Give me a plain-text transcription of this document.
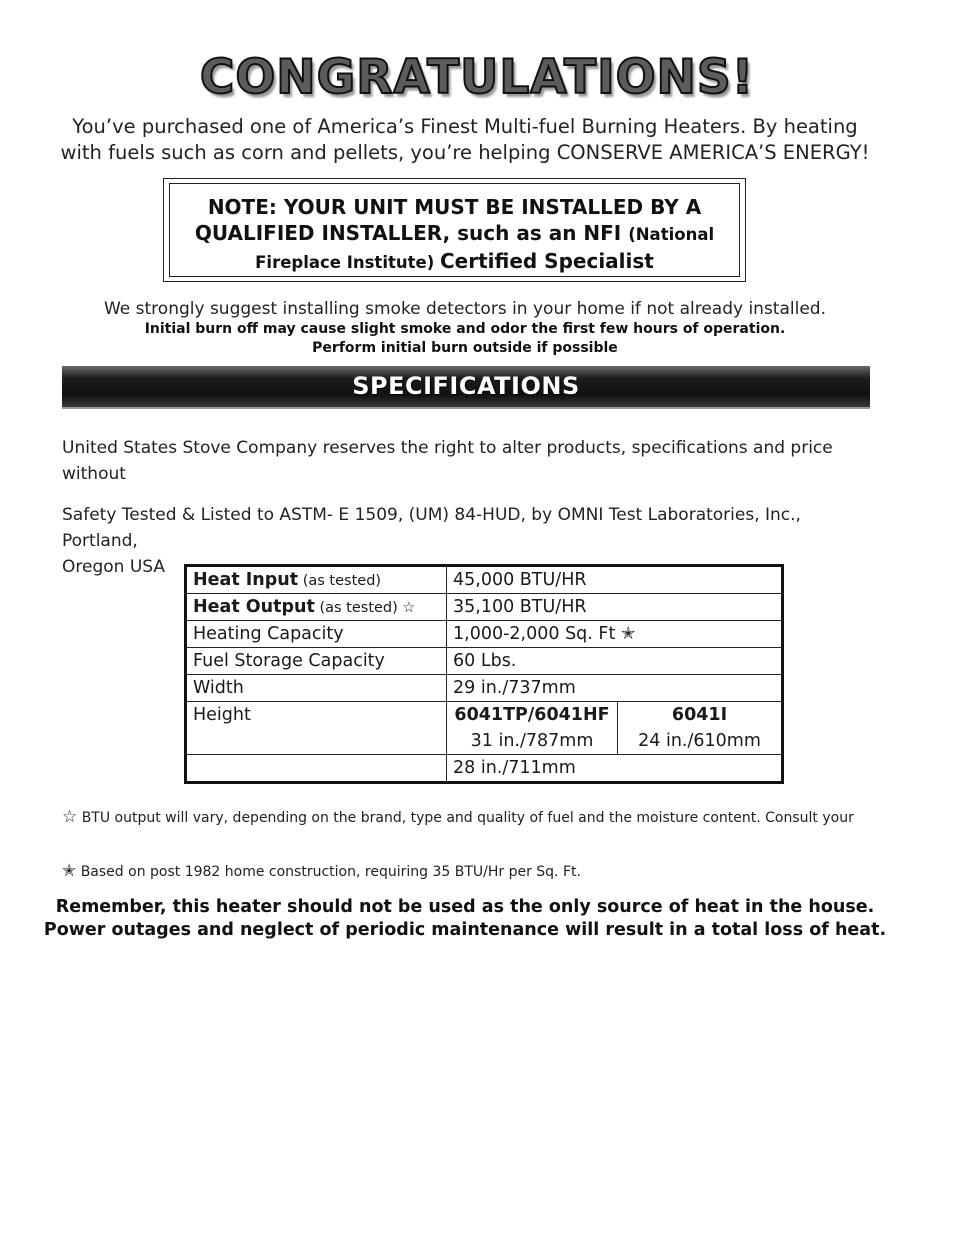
CONGRATULATIONS!
You’ve purchased one of America’s Finest Multi-fuel Burning Heaters. By heating
with fuels such as corn and pellets, you’re helping CONSERVE AMERICA’S ENERGY!
NOTE: YOUR UNIT MUST BE INSTALLED BY A
QUALIFIED INSTALLER, such as an NFI (National
Fireplace Institute) Certified Specialist
We strongly suggest installing smoke detectors in your home if not already installed.
Initial burn off may cause slight smoke and odor the first few hours of operation.
Perform initial burn outside if possible
SPECIFICATIONS
United States Stove Company reserves the right to alter products, specifications and price without
Safety Tested & Listed to ASTM- E 1509, (UM) 84-HUD, by OMNI Test Laboratories, Inc., Portland,
Oregon USA
Heat Input (as tested)	45,000 BTU/HR
Heat Output (as tested) ☆	35,100 BTU/HR
Heating Capacity	1,000-2,000 Sq. Ft ✭
Fuel Storage Capacity	60 Lbs.
Width	29 in./737mm
Height		6041TP/6041HF	6041I
31 in./787mm	24 in./610mm

	28 in./711mm
☆ BTU output will vary, depending on the brand, type and quality of fuel and the moisture content. Consult your
✭ Based on post 1982 home construction, requiring 35 BTU/Hr per Sq. Ft.
Remember, this heater should not be used as the only source of heat in the house.
Power outages and neglect of periodic maintenance will result in a total loss of heat.
